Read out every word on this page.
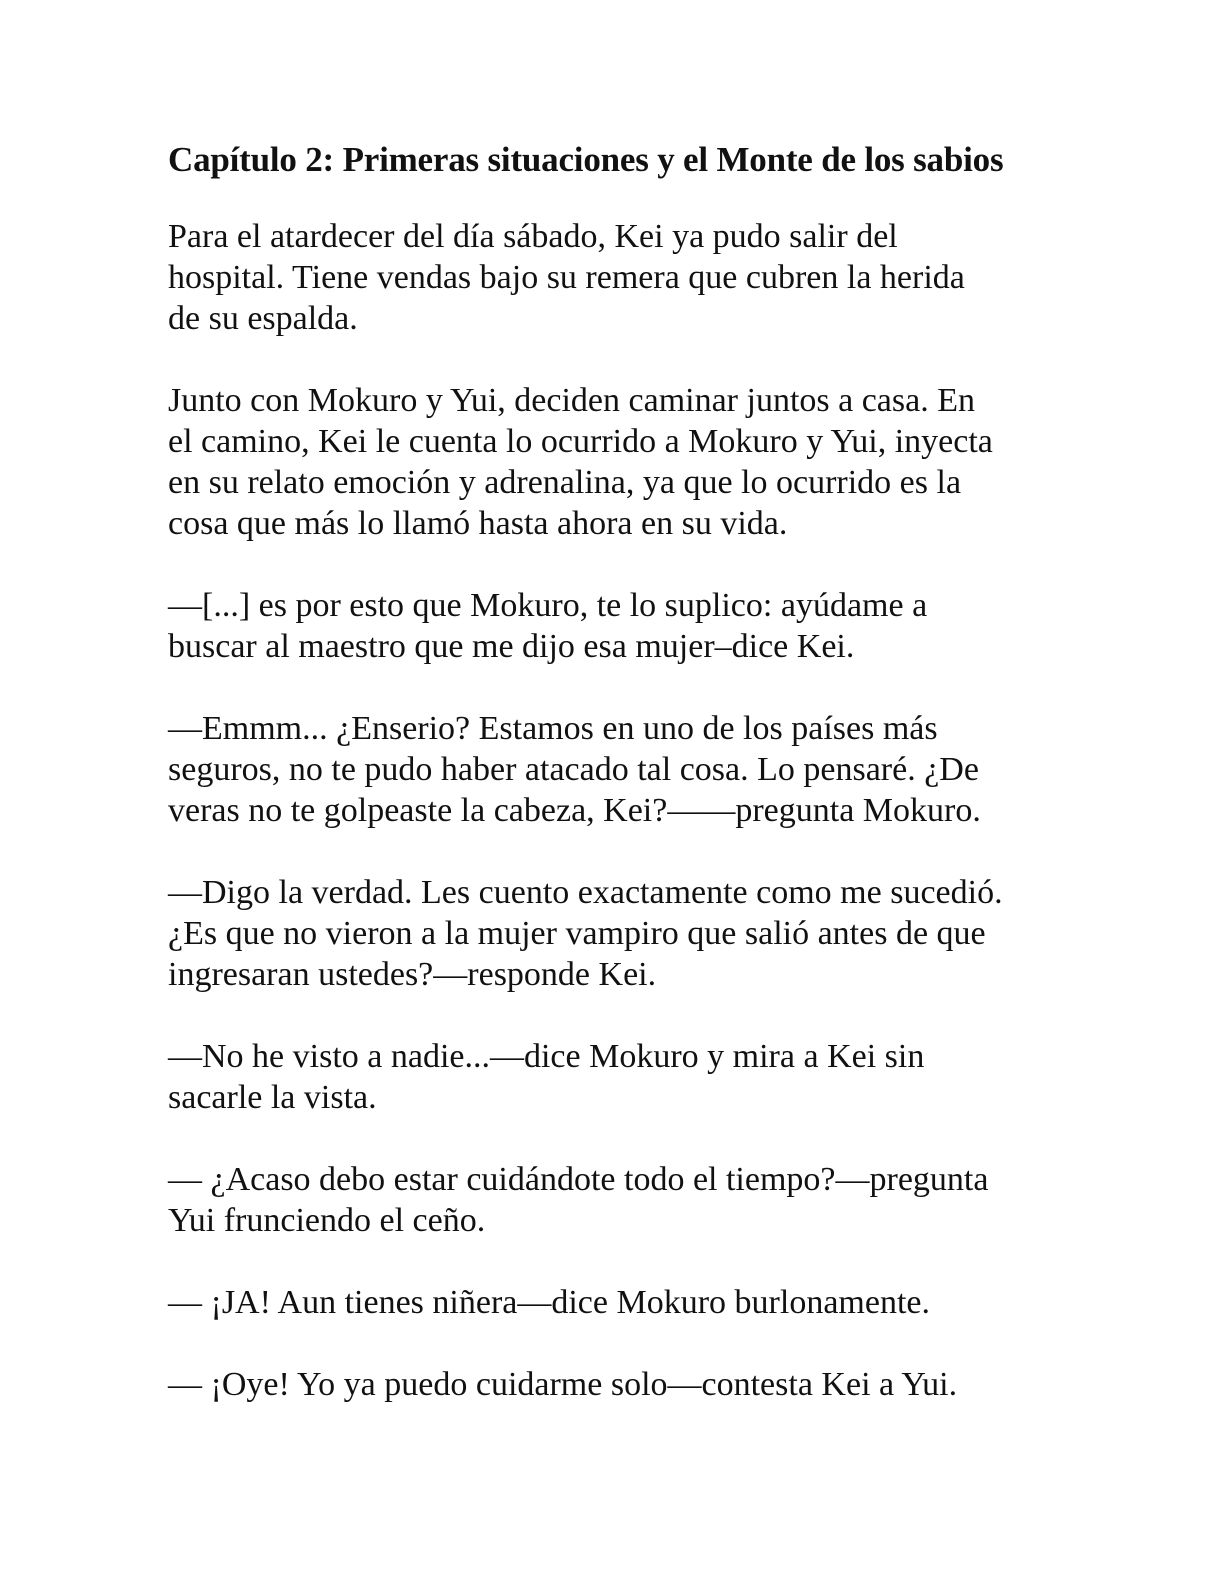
Capítulo 2: Primeras situaciones y el Monte de los sabios

Para el atardecer del día sábado, Kei ya pudo salir del
hospital. Tiene vendas bajo su remera que cubren la herida
de su espalda.

Junto con Mokuro y Yui, deciden caminar juntos a casa. En
el camino, Kei le cuenta lo ocurrido a Mokuro y Yui, inyecta
en su relato emoción y adrenalina, ya que lo ocurrido es la
cosa que más lo llamó hasta ahora en su vida.

—[...] es por esto que Mokuro, te lo suplico: ayúdame a
buscar al maestro que me dijo esa mujer–dice Kei.

—Emmm... ¿Enserio? Estamos en uno de los países más
seguros, no te pudo haber atacado tal cosa. Lo pensaré. ¿De
veras no te golpeaste la cabeza, Kei?——pregunta Mokuro.

—Digo la verdad. Les cuento exactamente como me sucedió.
¿Es que no vieron a la mujer vampiro que salió antes de que
ingresaran ustedes?—responde Kei.

—No he visto a nadie...—dice Mokuro y mira a Kei sin
sacarle la vista.

— ¿Acaso debo estar cuidándote todo el tiempo?—pregunta
Yui frunciendo el ceño.

— ¡JA! Aun tienes niñera—dice Mokuro burlonamente.

— ¡Oye! Yo ya puedo cuidarme solo—contesta Kei a Yui.
